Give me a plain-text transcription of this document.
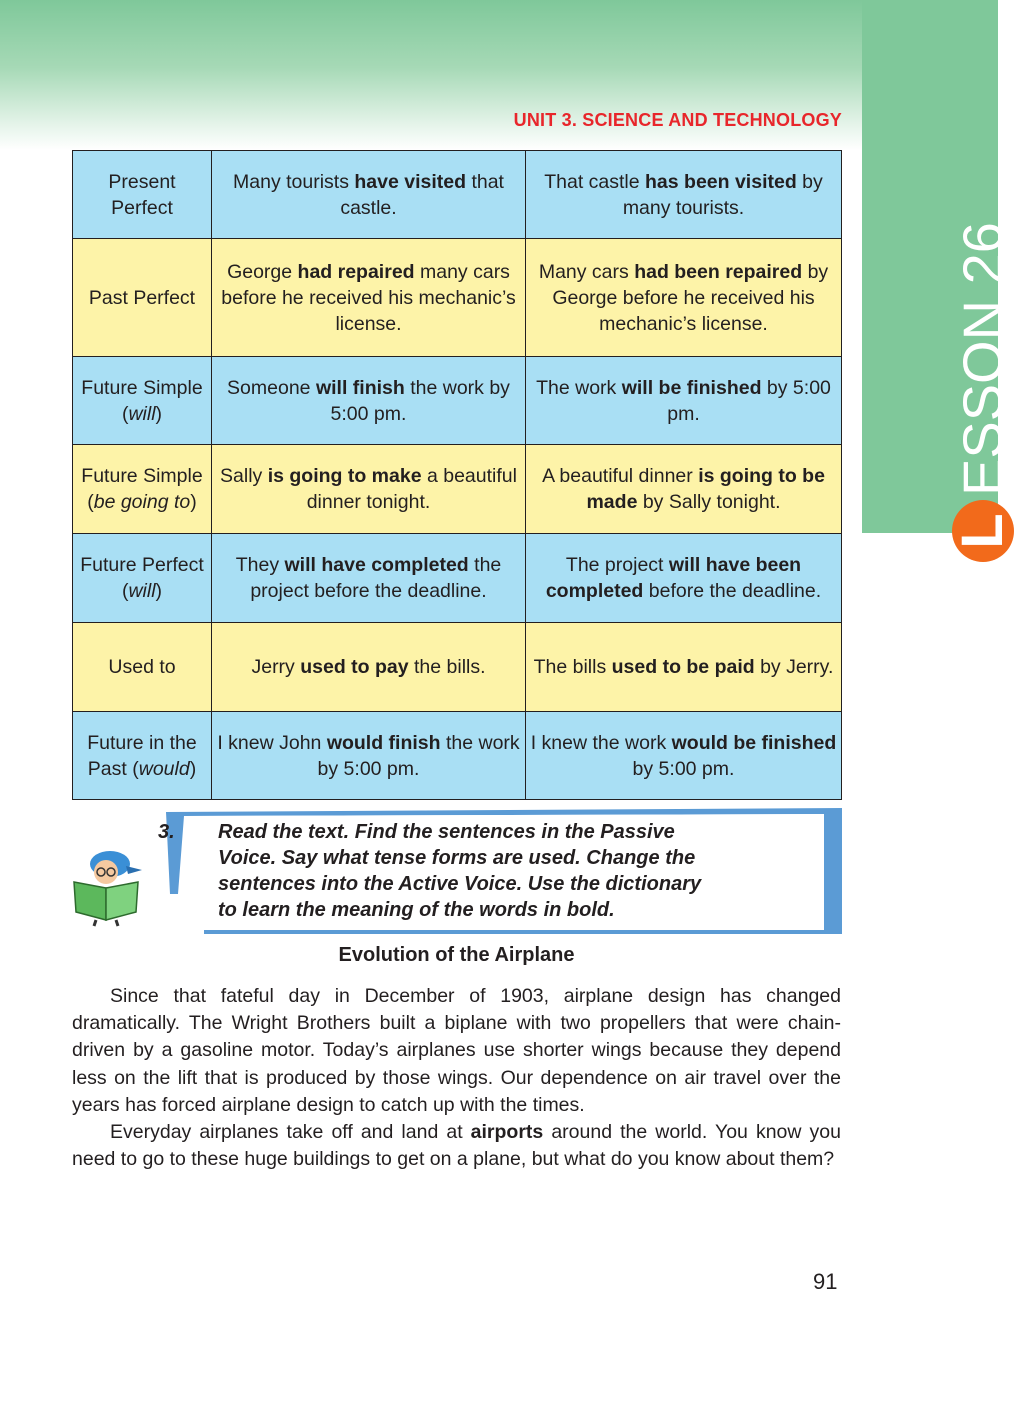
UNIT 3. SCIENCE AND TECHNOLOGY
L
ESSON 26
Present Perfect	Many tourists have visited that castle.	That castle has been visited by many tourists.
Past Perfect	George had repaired many cars before he received his mechanic’s license.	Many cars had been repaired by George before he received his mechanic’s license.
Future Simple (will)	Someone will finish the work by 5:00 pm.	The work will be finished by 5:00 pm.
Future Simple (be going to)	Sally is going to make a beautiful dinner tonight.	A beautiful dinner is going to be made by Sally tonight.
Future Perfect (will)	They will have completed the project before the deadline.	The project will have been completed before the deadline.
Used to	Jerry used to pay the bills.	The bills used to be paid by Jerry.
Future in the Past (would)	I knew John would finish the work by 5:00 pm.	I knew the work would be finished by 5:00 pm.
3. Read the text. Find the sentences in the Passive
Voice. Say what tense forms are used. Change the
sentences into the Active Voice. Use the dictionary
to learn the meaning of the words in bold.
Evolution of the Airplane

Since that fateful day in December of 1903, airplane design has changed dramatically. The Wright Brothers built a biplane with two propellers that were chain-driven by a gasoline motor. Today’s airplanes use shorter wings because they depend less on the lift that is produced by those wings. Our dependence on air travel over the years has forced airplane design to catch up with the times.

Everyday airplanes take off and land at airports around the world. You know you need to go to these huge buildings to get on a plane, but what do you know about them?

91
